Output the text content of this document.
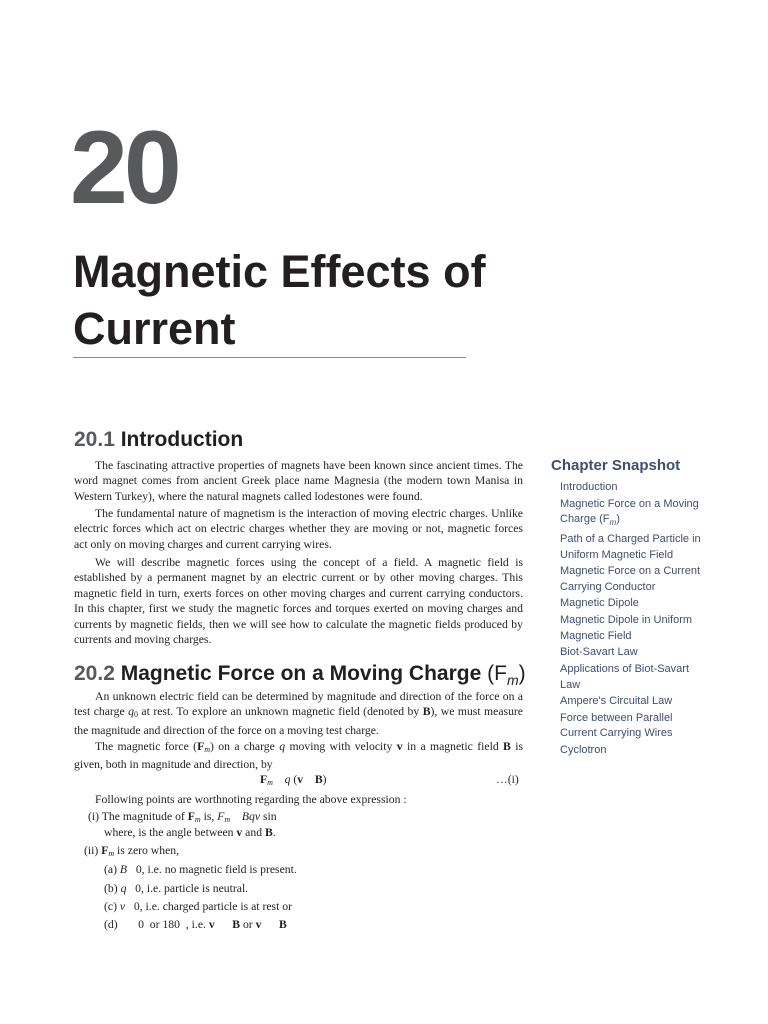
20
Magnetic Effects of Current
20.1 Introduction

The fascinating attractive properties of magnets have been known since ancient times. The word magnet comes from ancient Greek place name Magnesia (the modern town Manisa in Western Turkey), where the natural magnets called lodestones were found.

The fundamental nature of magnetism is the interaction of moving electric charges. Unlike electric forces which act on electric charges whether they are moving or not, magnetic forces act only on moving charges and current carrying wires.

We will describe magnetic forces using the concept of a field. A magnetic field is established by a permanent magnet by an electric current or by other moving charges. This magnetic field in turn, exerts forces on other moving charges and current carrying conductors. In this chapter, first we study the magnetic forces and torques exerted on moving charges and currents by magnetic fields, then we will see how to calculate the magnetic fields produced by currents and moving charges.

20.2 Magnetic Force on a Moving Charge $(F_m)$

An unknown electric field can be determined by magnitude and direction of the force on a test charge $q_0$ at rest. To explore an unknown magnetic field (denoted by B), we must measure the magnitude and direction of the force on a moving test charge.

The magnetic force $(F_m)$ on a charge q moving with velocity v in a magnetic field B is given, both in magnitude and direction, by

$F_m$ q (v B)	…(i)
Following points are worthnoting regarding the above expression :
(i) The magnitude of $F_m$ is, $F_m$ Bqv sin
where, is the angle between v and B.
(ii) $F_m$ is zero when,
(a) B   0, i.e. no magnetic field is present.
(b) q   0, i.e. particle is neutral.
(c) v   0, i.e. charged particle is at rest or
(d) 0  or 180  , i.e. v B or v B
Chapter Snapshot
Introduction
Magnetic Force on a Moving Charge $(F_m)$
Path of a Charged Particle in Uniform Magnetic Field
Magnetic Force on a Current Carrying Conductor
Magnetic Dipole
Magnetic Dipole in Uniform Magnetic Field
Biot-Savart Law
Applications of Biot-Savart Law
Ampere's Circuital Law
Force between Parallel Current Carrying Wires
Cyclotron
